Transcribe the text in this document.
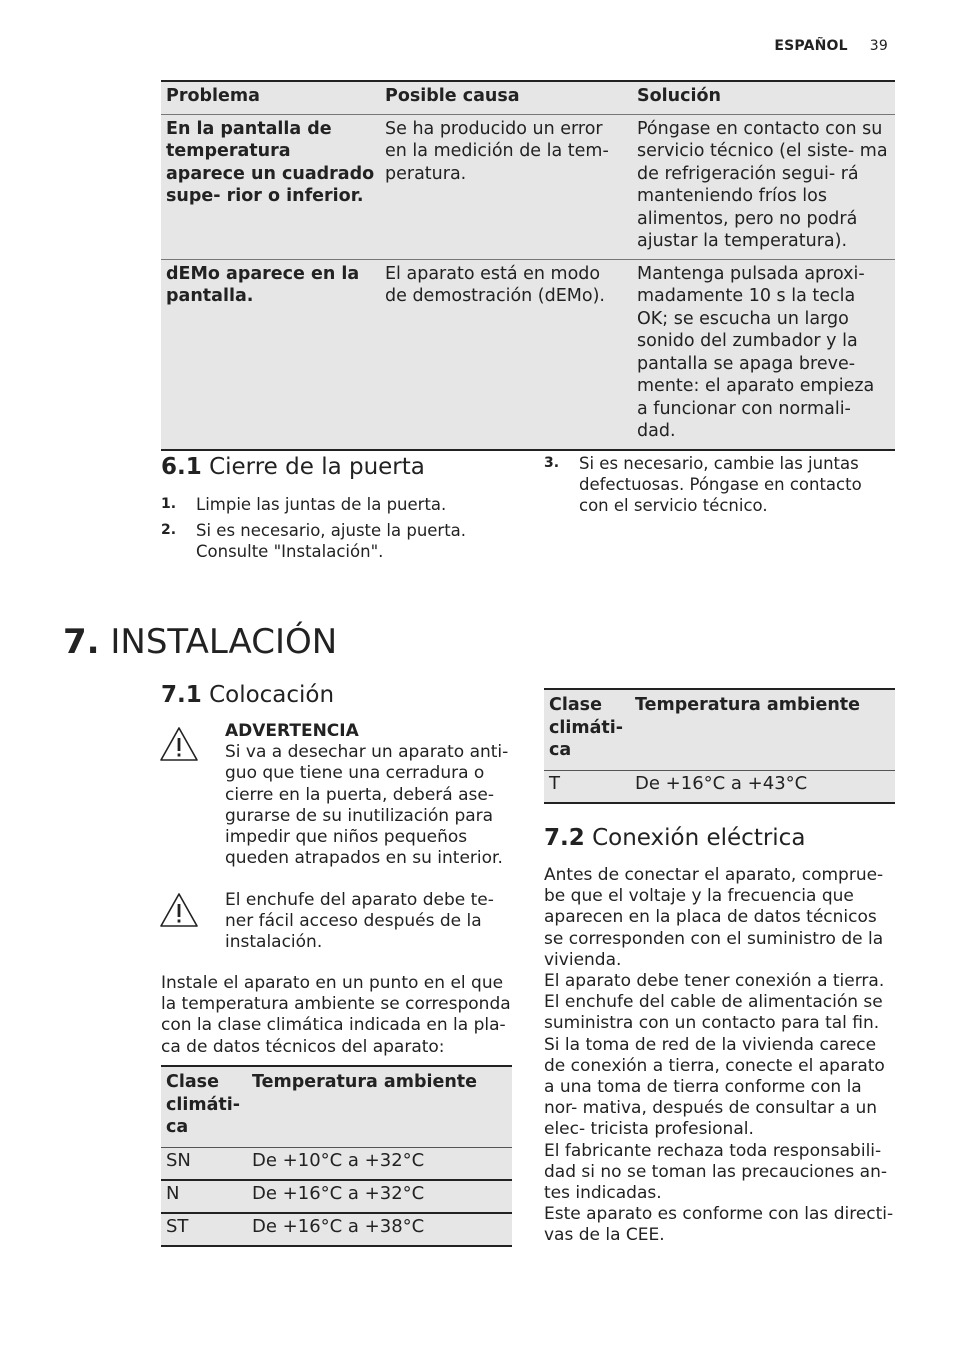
ESPAÑOL 39
Problema	Posible causa	Solución
En la pantalla de temperatura aparece un cuadrado supe- rior o inferior.	Se ha producido un error en la medición de la tem- peratura.	Póngase en contacto con su servicio técnico (el siste- ma de refrigeración segui- rá manteniendo fríos los alimentos, pero no podrá ajustar la temperatura).
dEMo aparece en la pantalla.	El aparato está en modo de demostración (dEMo).	Mantenga pulsada aproxi- madamente 10 s la tecla OK; se escucha un largo sonido del zumbador y la pantalla se apaga breve- mente: el aparato empieza a funcionar con normali- dad.
6.1 Cierre de la puerta
1. Limpie las juntas de la puerta.
2. Si es necesario, ajuste la puerta. Consulte "Instalación".
3. Si es necesario, cambie las juntas defectuosas. Póngase en contacto con el servicio técnico.
7. INSTALACIÓN
7.1 Colocación
ADVERTENCIA
Si va a desechar un aparato anti- guo que tiene una cerradura o cierre en la puerta, deberá ase- gurarse de su inutilización para impedir que niños pequeños queden atrapados en su interior.
El enchufe del aparato debe te- ner fácil acceso después de la instalación.
Instale el aparato en un punto en el que la temperatura ambiente se corresponda con la clase climática indicada en la pla- ca de datos técnicos del aparato:
Clase climáti- ca	Temperatura ambiente
SN	De +10°C a +32°C
N	De +16°C a +32°C
ST	De +16°C a +38°C
Clase climáti- ca	Temperatura ambiente
T	De +16°C a +43°C
7.2 Conexión eléctrica
Antes de conectar el aparato, comprue- be que el voltaje y la frecuencia que aparecen en la placa de datos técnicos se corresponden con el suministro de la vivienda.
El aparato debe tener conexión a tierra. El enchufe del cable de alimentación se suministra con un contacto para tal fin. Si la toma de red de la vivienda carece de conexión a tierra, conecte el aparato a una toma de tierra conforme con la nor- mativa, después de consultar a un elec- tricista profesional.
El fabricante rechaza toda responsabili- dad si no se toman las precauciones an- tes indicadas.
Este aparato es conforme con las directi- vas de la CEE.
